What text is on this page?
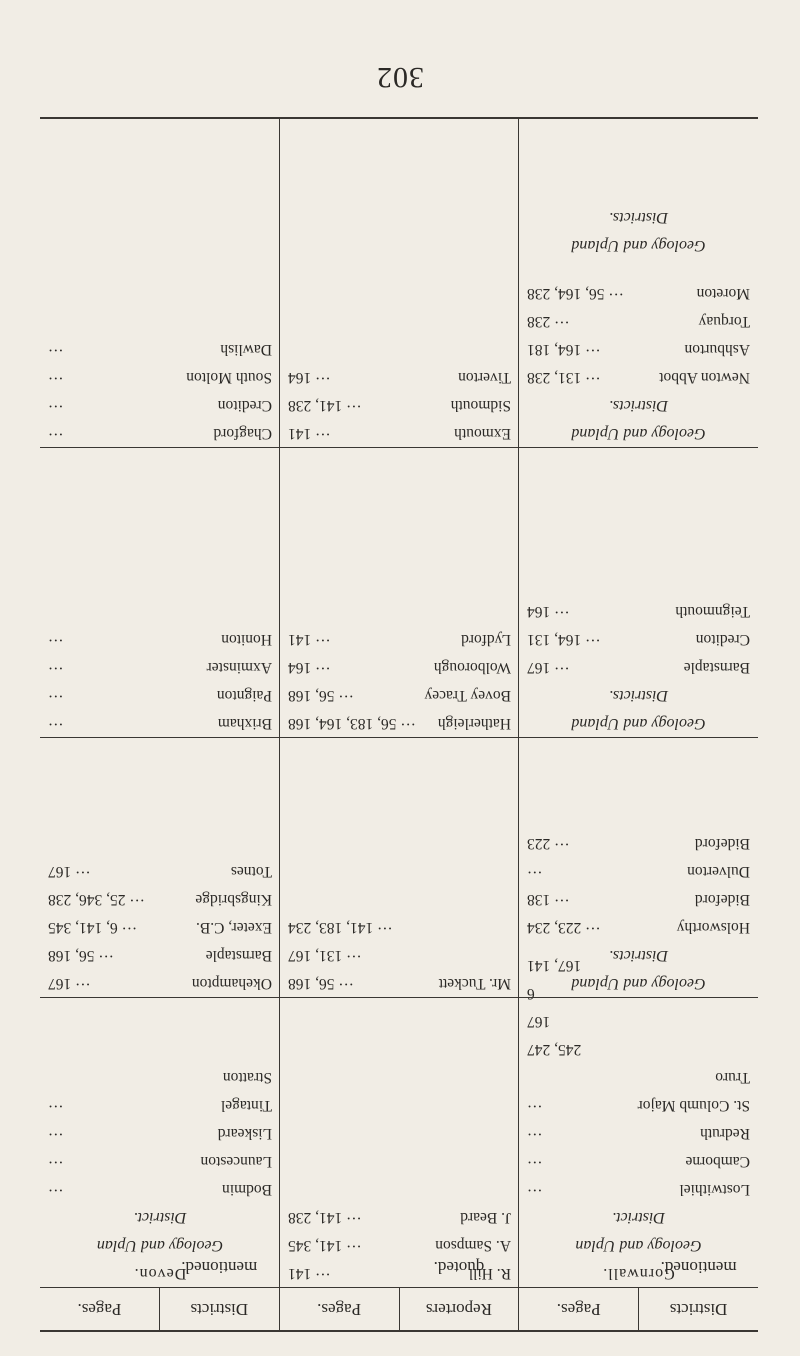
302
Districts mentioned.
Pages.
Reporters quoted.
Pages.
Districts mentioned.
Pages.
Cornwall.
Geology and Uplan
District.
Lostwithiel
···
Camborne
···
Redruth
···
St. Columb Major
···
Truro
245, 247
167
6
167, 141
R. Hill
··· 141
A. Sampson
··· 141, 345
J. Beard
··· 141, 238
Devon.
Geology and Uplan
District.
Bodmin
···
Launceston
···
Liskeard
···
Tintagel
···
Stratton
Geology and Upland
Districts.
Holsworthy
··· 223, 234
Bideford
··· 138
Dulverton
···
Bideford
··· 223
Mr. Tuckett
··· 56, 168
··· 131, 167
··· 141, 183, 234
Okehampton
··· 167
Barnstaple
··· 56, 168
Exeter, C.B.
··· 6, 141, 345
Kingsbridge
··· 25, 346, 238
Totnes
··· 167
Geology and Upland
Districts.
Barnstaple
··· 167
Crediton
··· 164, 131
Teignmouth
··· 164
Hatherleigh
··· 56, 183, 164, 168
Bovey Tracey
··· 56, 168
Wolborough
··· 164
Lydford
··· 141
Brixham
···
Paignton
···
Axminster
···
Honiton
···
Geology and Upland
Districts.
Newton Abbot
··· 131, 238
Ashburton
··· 164, 181
Torquay
··· 238
Moreton
··· 56, 164, 238
Geology and Upland
Districts.
Exmouth
··· 141
Sidmouth
··· 141, 238
Tiverton
··· 164
Chagford
···
Crediton
···
South Molton
···
Dawlish
···
